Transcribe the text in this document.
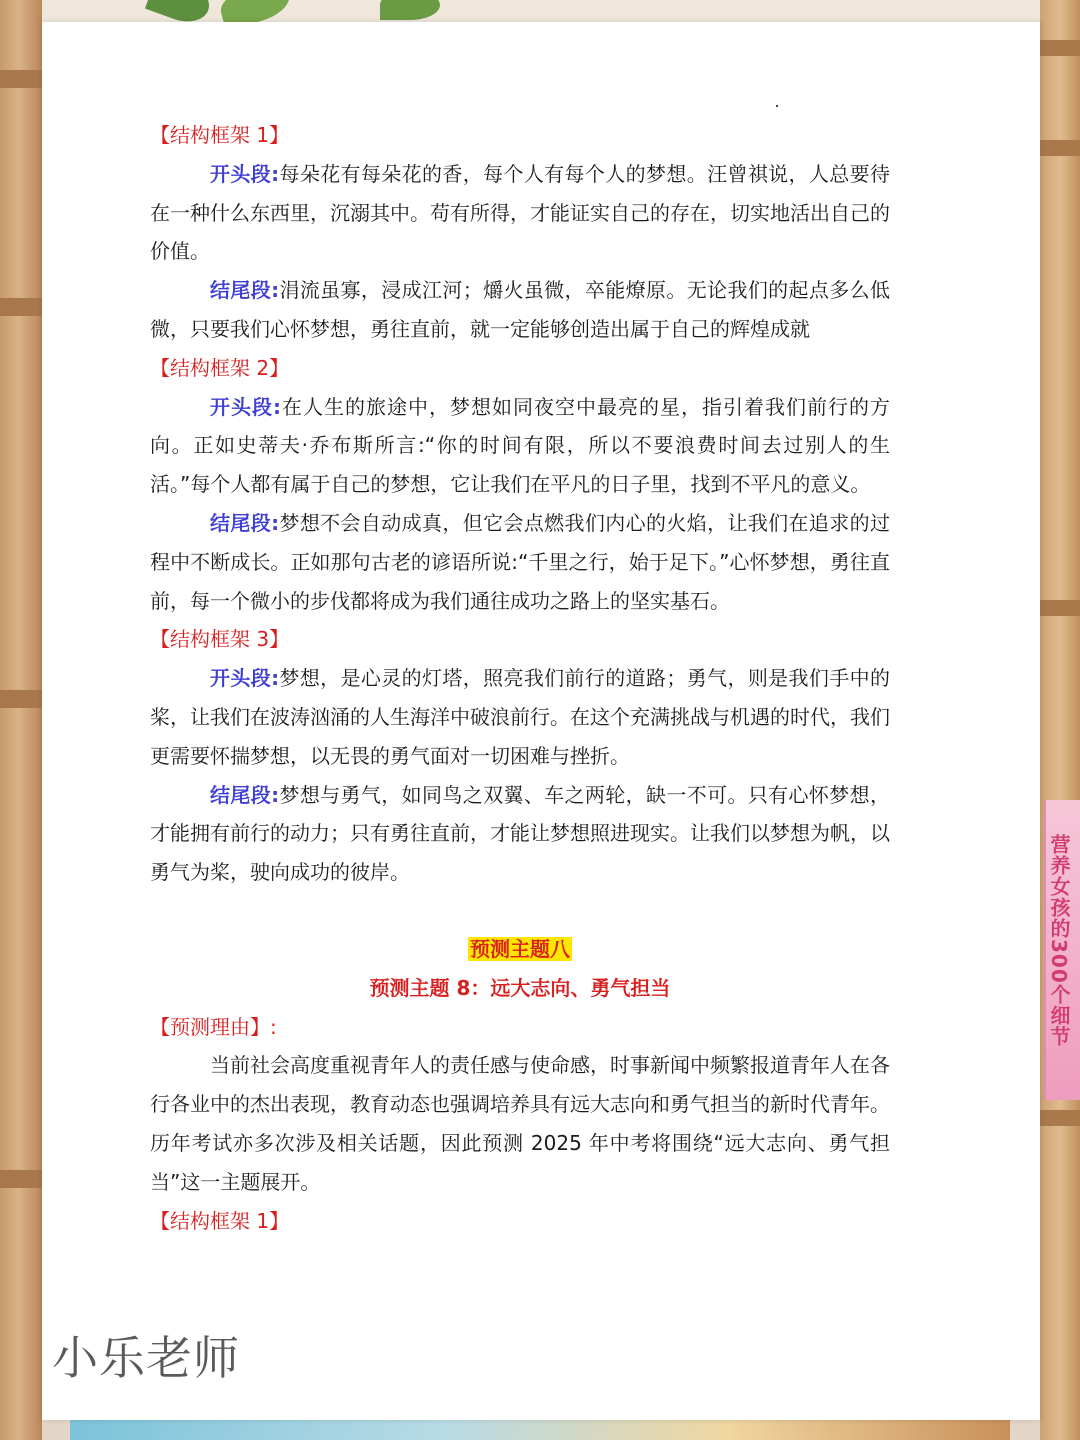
营养女孩的300个细节

【结构框架 1】

开头段:每朵花有每朵花的香，每个人有每个人的梦想。汪曾祺说，人总要待在一种什么东西里，沉溺其中。苟有所得，才能证实自己的存在，切实地活出自己的价值。

结尾段:涓流虽寡，浸成江河；爝火虽微，卒能燎原。无论我们的起点多么低微，只要我们心怀梦想，勇往直前，就一定能够创造出属于自己的辉煌成就

【结构框架 2】

开头段:在人生的旅途中，梦想如同夜空中最亮的星，指引着我们前行的方向。正如史蒂夫·乔布斯所言:“你的时间有限，所以不要浪费时间去过别人的生活。”每个人都有属于自己的梦想，它让我们在平凡的日子里，找到不平凡的意义。

结尾段:梦想不会自动成真，但它会点燃我们内心的火焰，让我们在追求的过程中不断成长。正如那句古老的谚语所说:“千里之行，始于足下。”心怀梦想，勇往直前，每一个微小的步伐都将成为我们通往成功之路上的坚实基石。

【结构框架 3】

开头段:梦想，是心灵的灯塔，照亮我们前行的道路；勇气，则是我们手中的桨，让我们在波涛汹涌的人生海洋中破浪前行。在这个充满挑战与机遇的时代，我们更需要怀揣梦想，以无畏的勇气面对一切困难与挫折。

结尾段:梦想与勇气，如同鸟之双翼、车之两轮，缺一不可。只有心怀梦想，才能拥有前行的动力；只有勇往直前，才能让梦想照进现实。让我们以梦想为帆，以勇气为桨，驶向成功的彼岸。

预测主题八

预测主题 8：远大志向、勇气担当

【预测理由】:

当前社会高度重视青年人的责任感与使命感，时事新闻中频繁报道青年人在各行各业中的杰出表现，教育动态也强调培养具有远大志向和勇气担当的新时代青年。历年考试亦多次涉及相关话题，因此预测 2025 年中考将围绕“远大志向、勇气担当”这一主题展开。

【结构框架 1】

小乐老师
